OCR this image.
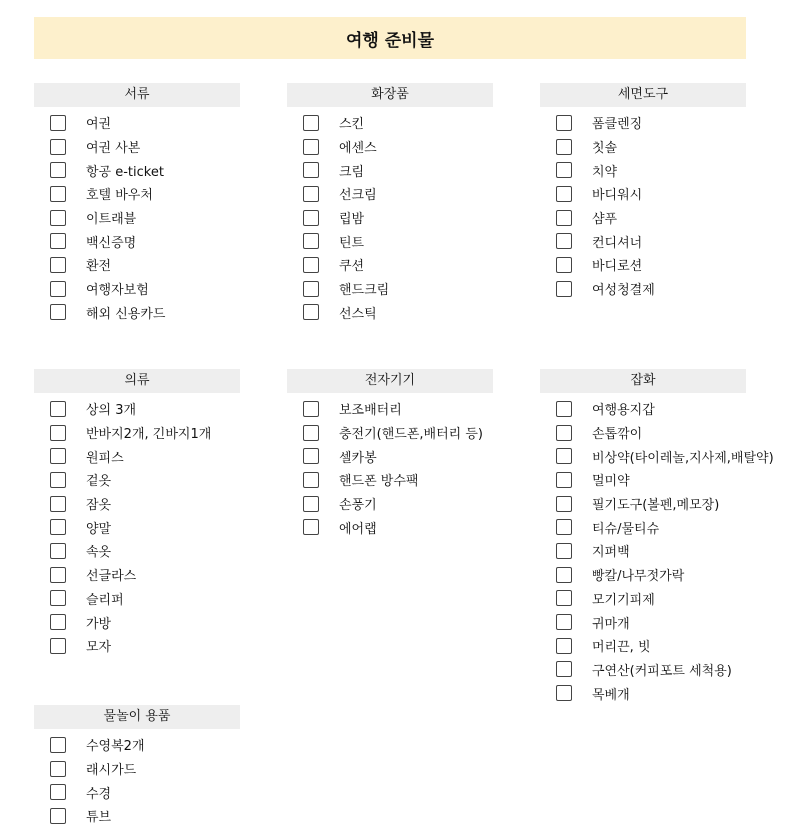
여행 준비물
서류
여권
여권 사본
항공 e-ticket
호텔 바우처
이트래블
백신증명
환전
여행자보험
해외 신용카드
화장품
스킨
에센스
크림
선크림
립밤
틴트
쿠션
핸드크림
선스틱
세면도구
폼클렌징
칫솔
치약
바디워시
샴푸
컨디셔너
바디로션
여성청결제
의류
상의 3개
반바지2개, 긴바지1개
원피스
겉옷
잠옷
양말
속옷
선글라스
슬리퍼
가방
모자
전자기기
보조배터리
충전기(핸드폰,배터리 등)
셀카봉
핸드폰 방수팩
손풍기
에어랩
잡화
여행용지갑
손톱깎이
비상약(타이레놀,지사제,배탈약)
멀미약
필기도구(볼펜,메모장)
티슈/물티슈
지퍼백
빵칼/나무젓가락
모기기피제
귀마개
머리끈, 빗
구연산(커피포트 세척용)
목베개
물놀이 용품
수영복2개
래시가드
수경
튜브
